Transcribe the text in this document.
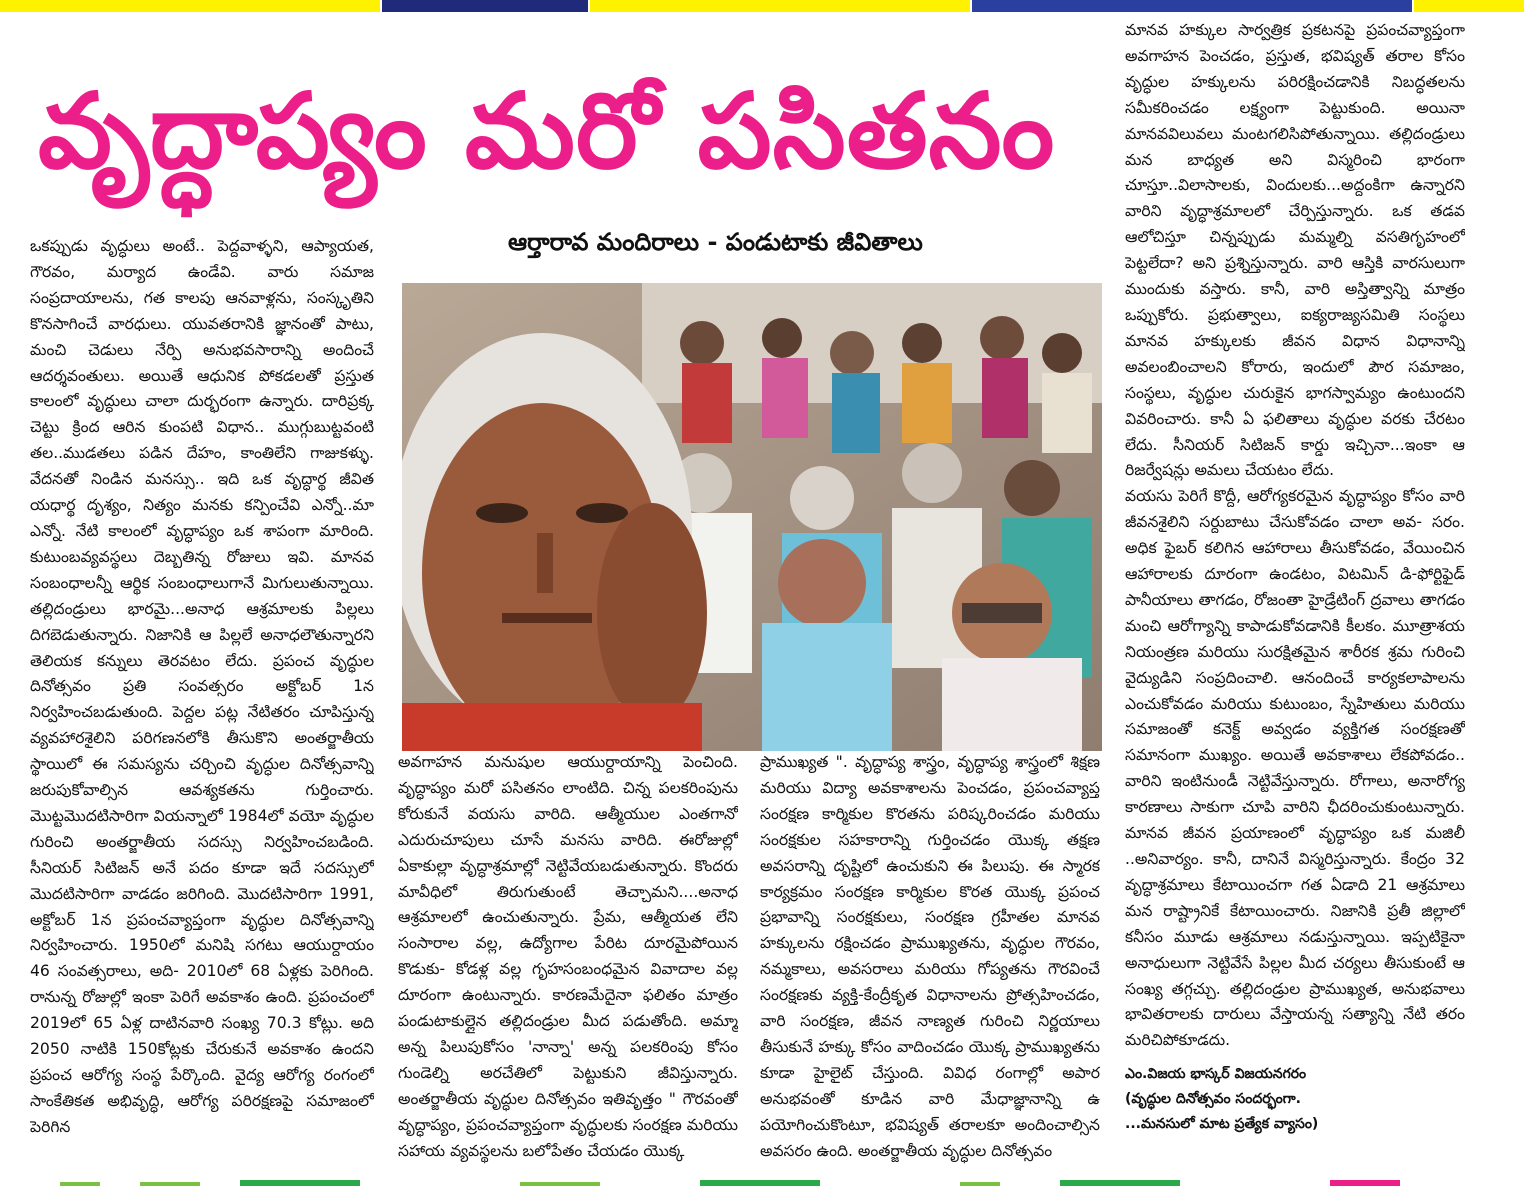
వృద్ధాప్యం మరో పసితనం
ఆర్తారావ మందిరాలు - పండుటాకు జీవితాలు

ఒకప్పుడు వృద్ధులు అంటే.. పెద్దవాళ్ళని, ఆప్యాయత, గౌరవం, మర్యాద ఉండేవి. వారు సమాజ సంప్రదాయాలను, గత కాలపు ఆనవాళ్లను, సంస్కృతిని కొనసాగించే వారధులు. యువతరానికి జ్ఞానంతో పాటు, మంచి చెడులు నేర్పి అనుభవసారాన్ని అందించే ఆదర్శవంతులు. అయితే ఆధునిక పోకడలతో ప్రస్తుత కాలంలో వృద్ధులు చాలా దుర్భరంగా ఉన్నారు. దారిప్రక్క చెట్టు క్రింద ఆరిన కుంపటి విధాన.. ముగ్గుబుట్టవంటి తల..ముడతలు పడిన దేహం, కాంతిలేని గాజుకళ్ళు. వేదనతో నిండిన మనస్సు.. ఇది ఒక వృద్ధార్థ జీవిత యధార్థ దృశ్యం, నిత్యం మనకు కన్పించేవి ఎన్నో..మా ఎన్నో. నేటి కాలంలో వృద్ధాప్యం ఒక శాపంగా మారింది. కుటుంబవ్యవస్థలు దెబ్బతిన్న రోజులు ఇవి. మానవ సంబంధాలన్నీ ఆర్థిక సంబంధాలుగానే మిగులుతున్నాయి. తల్లిదండ్రులు భారమై...అనాధ ఆశ్రమాలకు పిల్లలు దిగబెడుతున్నారు. నిజానికి ఆ పిల్లలే అనాధలౌతున్నారని తెలియక కన్నులు తెరవటం లేదు. ప్రపంచ వృద్ధుల దినోత్సవం ప్రతి సంవత్సరం అక్టోబర్ 1న నిర్వహించబడుతుంది. పెద్దల పట్ల నేటితరం చూపిస్తున్న వ్యవహారశైలిని పరిగణనలోకి తీసుకొని అంతర్జాతీయ స్థాయిలో ఈ సమస్యను చర్చించి వృద్ధుల దినోత్సవాన్ని జరుపుకోవాల్సిన ఆవశ్యకతను గుర్తించారు. మొట్టమొదటిసారిగా వియన్నాలో 1984లో వయో వృద్ధుల గురించి అంతర్జాతీయ సదస్సు నిర్వహించబడింది. సీనియర్ సిటిజన్ అనే పదం కూడా ఇదే సదస్సులో మొదటిసారిగా వాడడం జరిగింది. మొదటిసారిగా 1991, అక్టోబర్ 1న ప్రపంచవ్యాప్తంగా వృద్ధుల దినోత్సవాన్ని నిర్వహించారు. 1950లో మనిషి సగటు ఆయుర్దాయం 46 సంవత్సరాలు, అది- 2010లో 68 ఏళ్లకు పెరిగింది. రానున్న రోజుల్లో ఇంకా పెరిగే అవకాశం ఉంది. ప్రపంచంలో 2019లో 65 ఏళ్ల దాటినవారి సంఖ్య 70.3 కోట్లు. అది 2050 నాటికి 150కోట్లకు చేరుకునే అవకాశం ఉందని ప్రపంచ ఆరోగ్య సంస్థ పేర్కొంది. వైద్య ఆరోగ్య రంగంలో సాంకేతికత అభివృద్ధి, ఆరోగ్య పరిరక్షణపై సమాజంలో పెరిగిన

అవగాహన మనుషుల ఆయుర్దాయాన్ని పెంచింది. వృద్ధాప్యం మరో పసితనం లాంటిది. చిన్న పలకరింపును కోరుకునే వయసు వారిది. ఆత్మీయుల ఎంతగానో ఎదురుచూపులు చూసే మనసు వారిది. ఈరోజుల్లో ఏకాకుల్లా వృద్ధాశ్రమాల్లో నెట్టివేయబడుతున్నారు. కొందరు మావీధిలో తిరుగుతుంటే తెచ్చామని....అనాధ ఆశ్రమాలలో ఉంచుతున్నారు. ప్రేమ, ఆత్మీయత లేని సంసారాల వల్ల, ఉద్యోగాల పేరిట దూరమైపోయిన కొడుకు- కోడళ్ల వల్ల గృహసంబంధమైన వివాదాల వల్ల దూరంగా ఉంటున్నారు. కారణమేదైనా ఫలితం మాత్రం పండుటాకుల్లైన తల్లిదండ్రుల మీద పడుతోంది. అమ్మా అన్న పిలుపుకోసం 'నాన్నా' అన్న పలకరింపు కోసం గుండెల్ని అరచేతిలో పెట్టుకుని జీవిస్తున్నారు. అంతర్జాతీయ వృద్ధుల దినోత్సవం ఇతివృత్తం " గౌరవంతో వృద్ధాప్యం, ప్రపంచవ్యాప్తంగా వృద్ధులకు సంరక్షణ మరియు సహాయ వ్యవస్థలను బలోపేతం చేయడం యొక్క

ప్రాముఖ్యత ". వృద్ధాప్య శాస్త్రం, వృద్ధాప్య శాస్త్రంలో శిక్షణ మరియు విద్యా అవకాశాలను పెంచడం, ప్రపంచవ్యాప్త సంరక్షణ కార్మికుల కొరతను పరిష్కరించడం మరియు సంరక్షకుల సహకారాన్ని గుర్తించడం యొక్క తక్షణ అవసరాన్ని దృష్టిలో ఉంచుకుని ఈ పిలుపు. ఈ స్మారక కార్యక్రమం సంరక్షణ కార్మికుల కొరత యొక్క ప్రపంచ ప్రభావాన్ని సంరక్షకులు, సంరక్షణ గ్రహీతల మానవ హక్కులను రక్షించడం ప్రాముఖ్యతను, వృద్ధుల గౌరవం, నమ్మకాలు, అవసరాలు మరియు గోప్యతను గౌరవించే సంరక్షణకు వ్యక్తి-కేంద్రీకృత విధానాలను ప్రోత్సహించడం, వారి సంరక్షణ, జీవన నాణ్యత గురించి నిర్ణయాలు తీసుకునే హక్కు కోసం వాదించడం యొక్క ప్రాముఖ్యతను కూడా హైలైట్ చేస్తుంది. వివిధ రంగాల్లో అపార అనుభవంతో కూడిన వారి మేధాజ్ఞానాన్ని ఉ పయోగించుకొంటూ, భవిష్యత్ తరాలకూ అందించాల్సిన అవసరం ఉంది. అంతర్జాతీయ వృద్ధుల దినోత్సవం

మానవ హక్కుల సార్వత్రిక ప్రకటనపై ప్రపంచవ్యాప్తంగా అవగాహన పెంచడం, ప్రస్తుత, భవిష్యత్ తరాల కోసం వృద్ధుల హక్కులను పరిరక్షించడానికి నిబద్ధతలను సమీకరించడం లక్ష్యంగా పెట్టుకుంది. అయినా మానవవిలువలు మంటగలిసిపోతున్నాయి. తల్లిదండ్రులు మన బాధ్యత అని విస్మరించి భారంగా చూస్తూ..విలాసాలకు, విందులకు...అద్దంకిగా ఉన్నారని వారిని వృద్ధాశ్రమాలలో చేర్పిస్తున్నారు. ఒక తడవ ఆలోచిస్తూ చిన్నప్పుడు మమ్మల్ని వసతిగృహంలో పెట్టలేదా? అని ప్రశ్నిస్తున్నారు. వారి ఆస్తికి వారసులుగా ముందుకు వస్తారు. కానీ, వారి అస్తిత్వాన్ని మాత్రం ఒప్పుకోరు. ప్రభుత్వాలు, ఐక్యరాజ్యసమితి సంస్థలు మానవ హక్కులకు జీవన విధాన విధానాన్ని అవలంబించాలని కోరారు, ఇందులో పౌర సమాజం, సంస్థలు, వృద్ధుల చురుకైన భాగస్వామ్యం ఉంటుందని వివరించారు. కానీ ఏ ఫలితాలు వృద్ధుల వరకు చేరటం లేదు. సీనియర్ సిటిజన్ కార్డు ఇచ్చినా...ఇంకా ఆ రిజర్వేషన్లు అమలు చేయటం లేదు.

వయసు పెరిగే కొద్దీ, ఆరోగ్యకరమైన వృద్ధాప్యం కోసం వారి జీవనశైలిని సర్దుబాటు చేసుకోవడం చాలా అవ- సరం. అధిక ఫైబర్ కలిగిన ఆహారాలు తీసుకోవడం, వేయించిన ఆహారాలకు దూరంగా ఉండటం, విటమిన్ డి-ఫోర్టిఫైడ్ పానీయాలు తాగడం, రోజంతా హైడ్రేటింగ్ ద్రవాలు తాగడం మంచి ఆరోగ్యాన్ని కాపాడుకోవడానికి కీలకం. మూత్రాశయ నియంత్రణ మరియు సురక్షితమైన శారీరక శ్రమ గురించి వైద్యుడిని సంప్రదించాలి. ఆనందించే కార్యకలాపాలను ఎంచుకోవడం మరియు కుటుంబం, స్నేహితులు మరియు సమాజంతో కనెక్ట్ అవ్వడం వ్యక్తిగత సంరక్షణతో సమానంగా ముఖ్యం. అయితే అవకాశాలు లేకపోవడం.. వారిని ఇంటినుండీ నెట్టివేస్తున్నారు. రోగాలు, అనారోగ్య కారణాలు సాకుగా చూపి వారిని ఛీదరించుకుంటున్నారు. మానవ జీవన ప్రయాణంలో వృద్ధాప్యం ఒక మజిలీ ..అనివార్యం. కానీ, దానినే విస్మరిస్తున్నారు. కేంద్రం 32 వృద్ధాశ్రమాలు కేటాయించగా గత ఏడాది 21 ఆశ్రమాలు మన రాష్ట్రానికే కేటాయించారు. నిజానికి ప్రతీ జిల్లాలో కనీసం మూడు ఆశ్రమాలు నడుస్తున్నాయి. ఇప్పటికైనా అనాధులుగా నెట్టివేసే పిల్లల మీద చర్యలు తీసుకుంటే ఆ సంఖ్య తగ్గచ్చు. తల్లిదండ్రుల ప్రాముఖ్యత, అనుభవాలు భావితరాలకు దారులు వేస్తాయన్న సత్యాన్ని నేటి తరం మరిచిపోకూడదు.

ఎం.విజయ భాస్కర్ విజయనగరం
(వృద్ధుల దినోత్సవం సందర్భంగా.
...మనసులో మాట ప్రత్యేక వ్యాసం)
